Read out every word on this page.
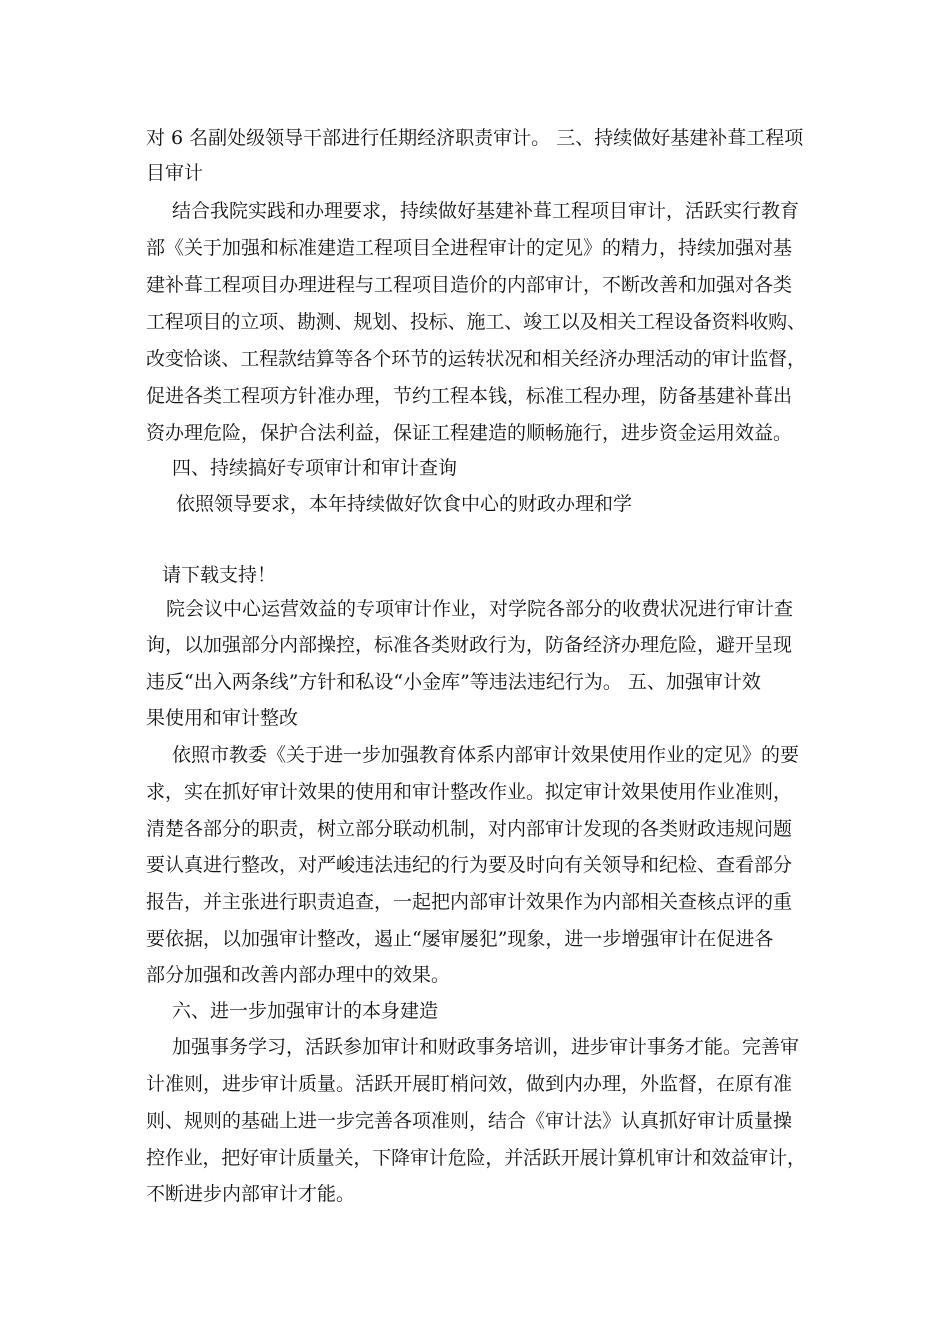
对 6 名副处级领导干部进行任期经济职责审计。 三、持续做好基建补葺工程项
目审计
结合我院实践和办理要求，持续做好基建补葺工程项目审计，活跃实行教育
部《关于加强和标准建造工程项目全进程审计的定见》的精力，持续加强对基
建补葺工程项目办理进程与工程项目造价的内部审计，不断改善和加强对各类
工程项目的立项、勘测、规划、投标、施工、竣工以及相关工程设备资料收购、
改变恰谈、工程款结算等各个环节的运转状况和相关经济办理活动的审计监督，
促进各类工程项方针准办理，节约工程本钱，标准工程办理，防备基建补葺出
资办理危险，保护合法利益，保证工程建造的顺畅施行，进步资金运用效益。
四、持续搞好专项审计和审计查询
依照领导要求，本年持续做好饮食中心的财政办理和学
请下载支持！
院会议中心运营效益的专项审计作业，对学院各部分的收费状况进行审计查
询，以加强部分内部操控，标准各类财政行为，防备经济办理危险，避开呈现
违反“出入两条线”方针和私设“小金库”等违法违纪行为。 五、加强审计效
果使用和审计整改
依照市教委《关于进一步加强教育体系内部审计效果使用作业的定见》的要
求，实在抓好审计效果的使用和审计整改作业。拟定审计效果使用作业准则，
清楚各部分的职责，树立部分联动机制，对内部审计发现的各类财政违规问题
要认真进行整改，对严峻违法违纪的行为要及时向有关领导和纪检、查看部分
报告，并主张进行职责追查，一起把内部审计效果作为内部相关查核点评的重
要依据，以加强审计整改，遏止“屡审屡犯”现象，进一步增强审计在促进各
部分加强和改善内部办理中的效果。
六、进一步加强审计的本身建造
加强事务学习，活跃参加审计和财政事务培训，进步审计事务才能。完善审
计准则，进步审计质量。活跃开展盯梢问效，做到内办理，外监督，在原有准
则、规则的基础上进一步完善各项准则，结合《审计法》认真抓好审计质量操
控作业，把好审计质量关，下降审计危险，并活跃开展计算机审计和效益审计，
不断进步内部审计才能。
